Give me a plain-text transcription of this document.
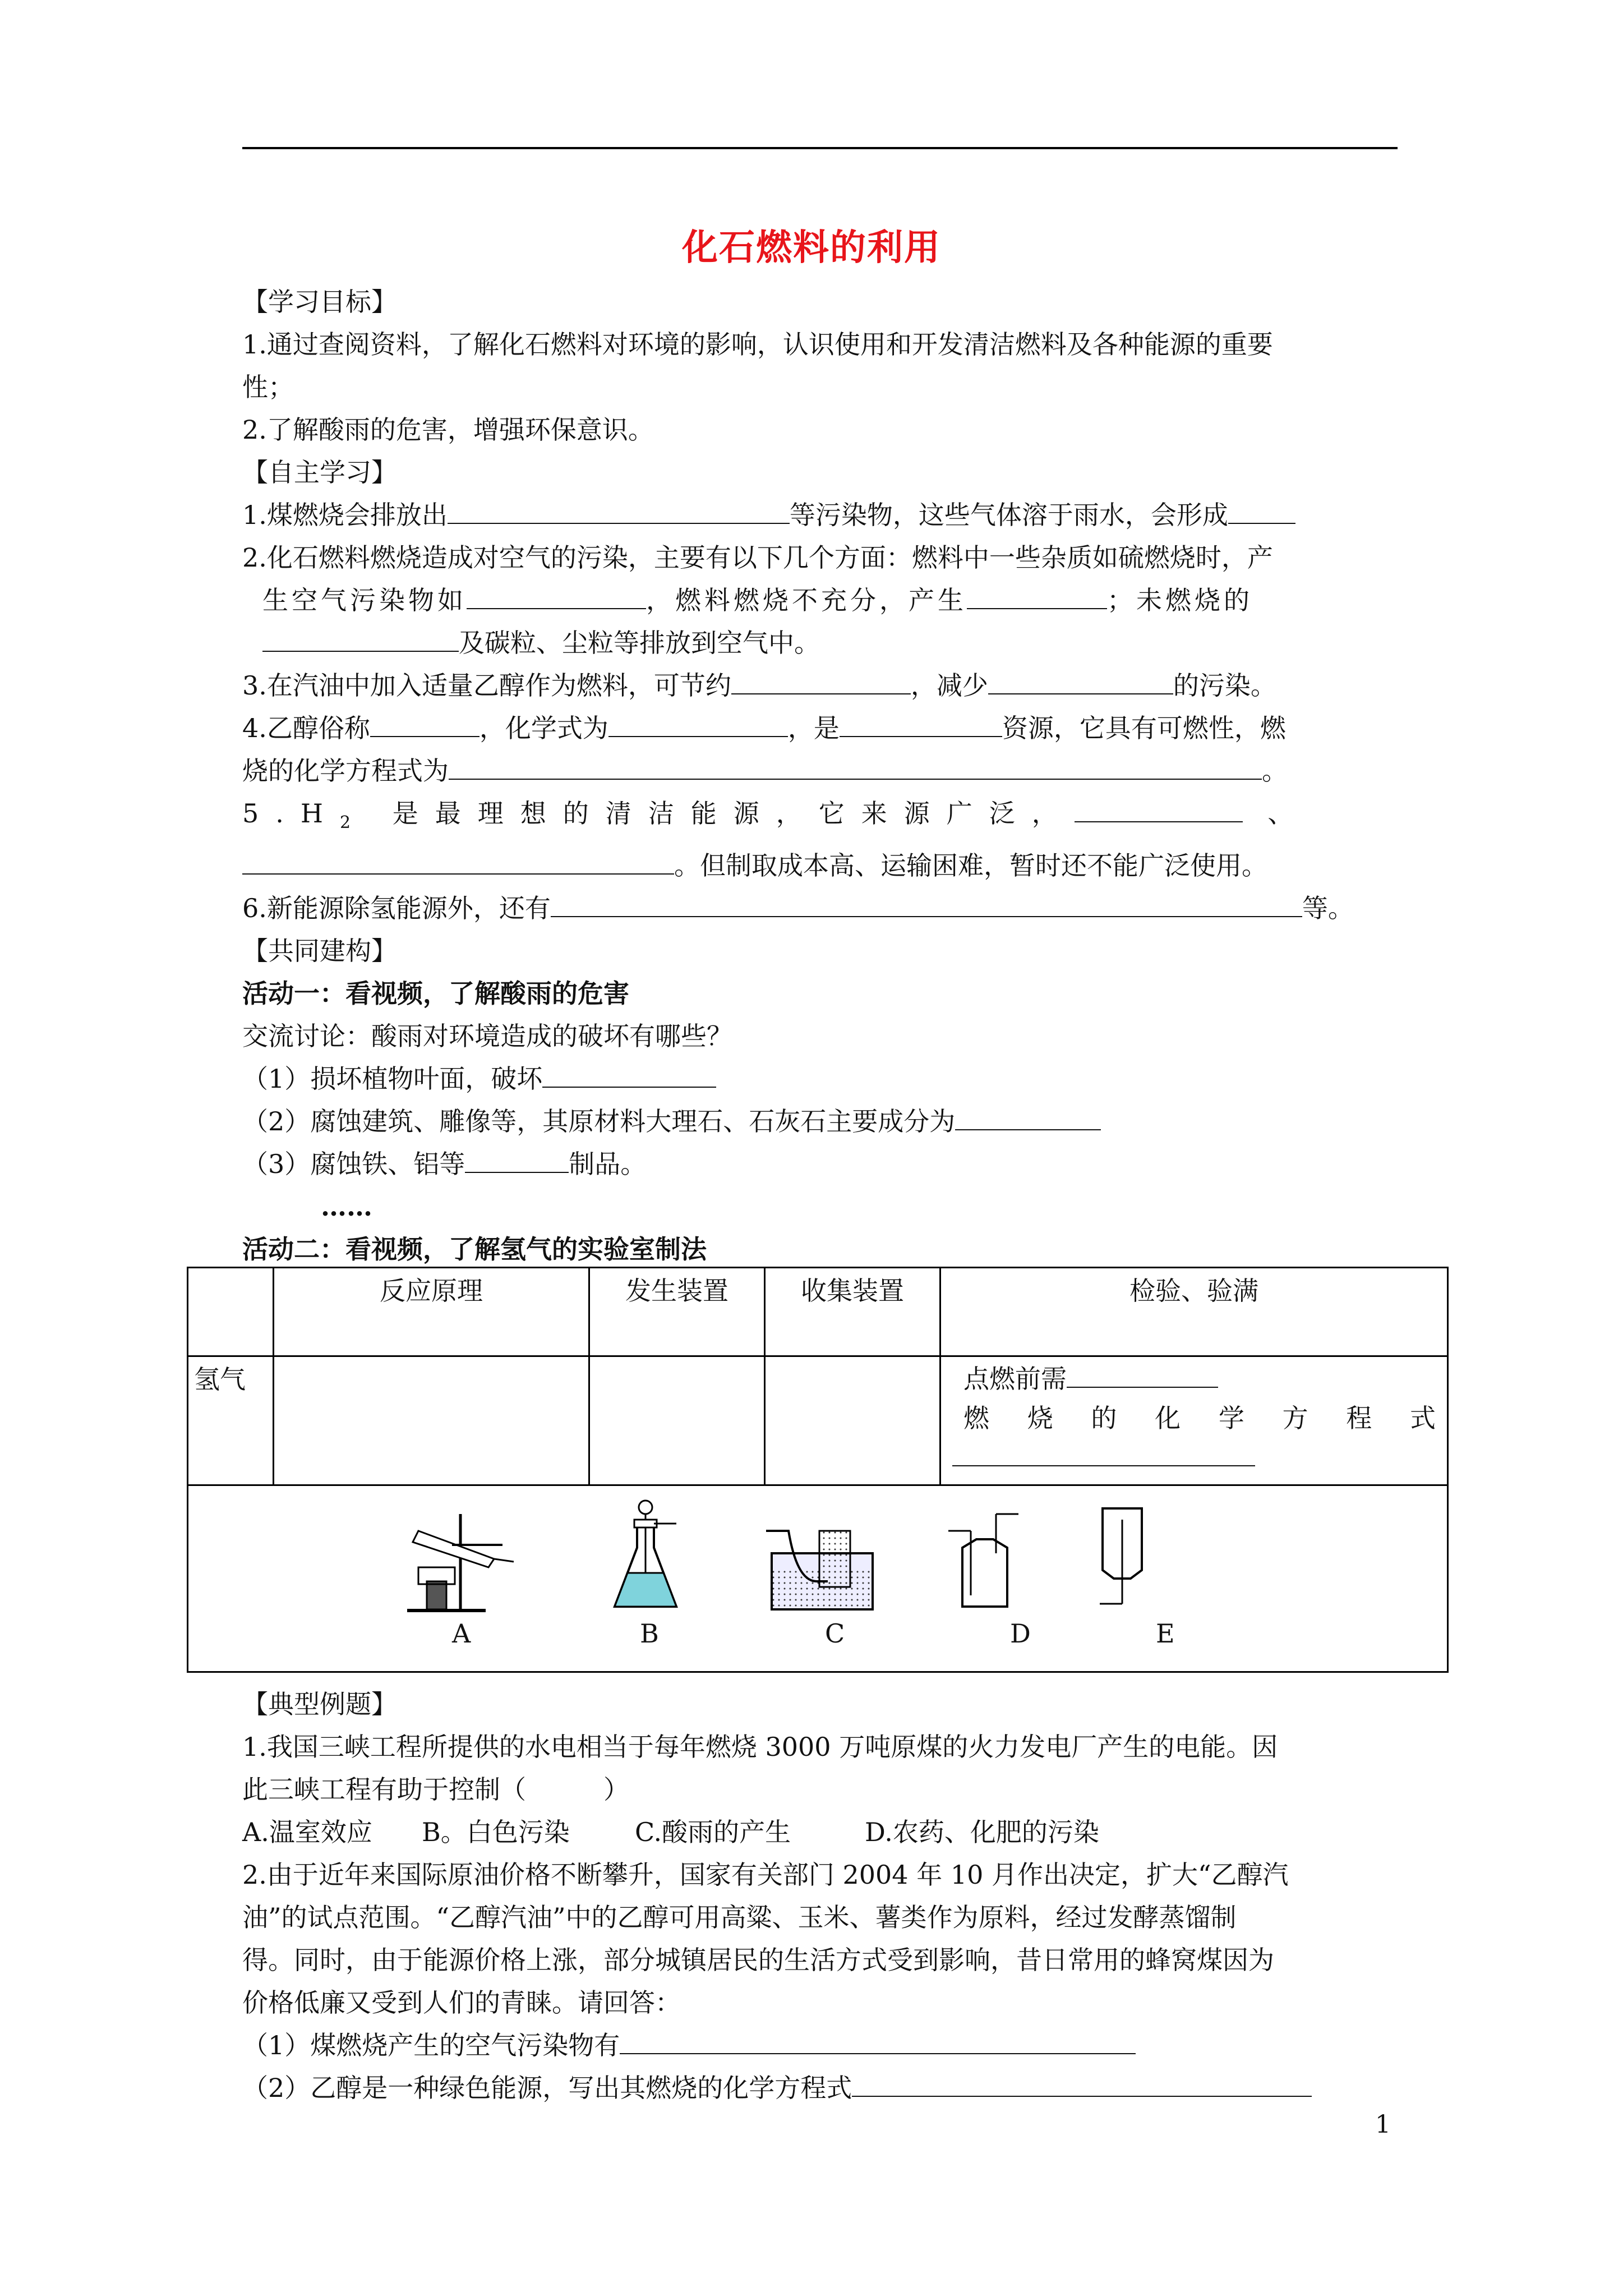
化石燃料的利用
【学习目标】
1.通过查阅资料，了解化石燃料对环境的影响，认识使用和开发清洁燃料及各种能源的重要
性；
2.了解酸雨的危害，增强环保意识。
【自主学习】
1.煤燃烧会排放出	等污染物，这些气体溶于雨水，会形成
2.化石燃料燃烧造成对空气的污染，主要有以下几个方面：燃料中一些杂质如硫燃烧时，产
生空气污染物如	，燃料燃烧不充分，产生	；未燃烧的
及碳粒、尘粒等排放到空气中。
3.在汽油中加入适量乙醇作为燃料，可节约	，减少	的污染。
4.乙醇俗称	，化学式为	，是	资源，它具有可燃性，燃
烧的化学方程式为	。
$5.H_2$ 是最理想的清洁能源，它来源广泛，	、
。但制取成本高、运输困难，暂时还不能广泛使用。
6.新能源除氢能源外，还有	等。
【共同建构】
活动一：看视频，了解酸雨的危害
交流讨论：酸雨对环境造成的破坏有哪些？
（1）损坏植物叶面，破坏
（2）腐蚀建筑、雕像等，其原材料大理石、石灰石主要成分为
（3）腐蚀铁、铝等	制品。
……
活动二：看视频，了解氢气的实验室制法
	反应原理	发生装置	收集装置	检验、验满
氢气				点燃前需
燃烧的化学方程式

A B C D E				
【典型例题】
1.我国三峡工程所提供的水电相当于每年燃烧 3000 万吨原煤的火力发电厂产生的电能。因
此三峡工程有助于控制（　　　）
A.温室效应 B。白色污染	C.酸雨的产生	D.农药、化肥的污染
2.由于近年来国际原油价格不断攀升，国家有关部门 2004 年 10 月作出决定，扩大“乙醇汽
油”的试点范围。“乙醇汽油”中的乙醇可用高粱、玉米、薯类作为原料，经过发酵蒸馏制
得。同时，由于能源价格上涨，部分城镇居民的生活方式受到影响，昔日常用的蜂窝煤因为
价格低廉又受到人们的青睐。请回答：
（1）煤燃烧产生的空气污染物有
（2）乙醇是一种绿色能源，写出其燃烧的化学方程式
1
